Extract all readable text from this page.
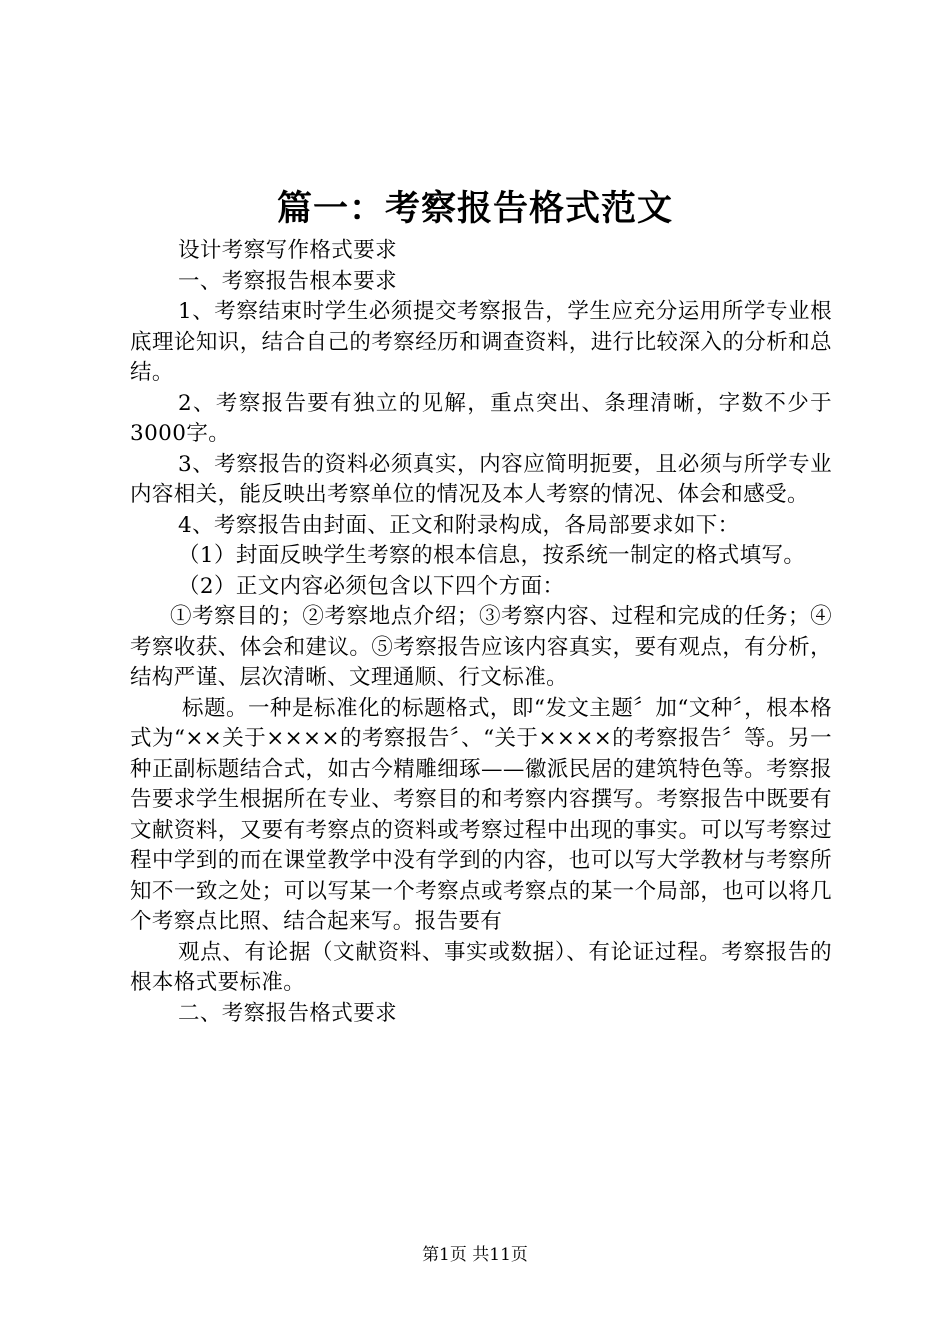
篇一：考察报告格式范文

设计考察写作格式要求

一、考察报告根本要求

1、考察结束时学生必须提交考察报告，学生应充分运用所学专业根底理论知识，结合自己的考察经历和调查资料，进行比较深入的分析和总结。

2、考察报告要有独立的见解，重点突出、条理清晰，字数不少于3000字。

3、考察报告的资料必须真实，内容应简明扼要，且必须与所学专业内容相关，能反映出考察单位的情况及本人考察的情况、体会和感受。

4、考察报告由封面、正文和附录构成，各局部要求如下：

（1）封面反映学生考察的根本信息，按系统一制定的格式填写。

（2）正文内容必须包含以下四个方面：

①考察目的；②考察地点介绍；③考察内容、过程和完成的任务；④考察收获、体会和建议。⑤考察报告应该内容真实，要有观点，有分析，结构严谨、层次清晰、文理通顺、行文标准。

标题。一种是标准化的标题格式，即“发文主题〞加“文种〞，根本格式为“××关于××××的考察报告〞、“关于××××的考察报告〞等。另一种正副标题结合式，如古今精雕细琢——徽派民居的建筑特色等。考察报告要求学生根据所在专业、考察目的和考察内容撰写。考察报告中既要有文献资料，又要有考察点的资料或考察过程中出现的事实。可以写考察过程中学到的而在课堂教学中没有学到的内容，也可以写大学教材与考察所知不一致之处；可以写某一个考察点或考察点的某一个局部，也可以将几个考察点比照、结合起来写。报告要有

观点、有论据（文献资料、事实或数据）、有论证过程。考察报告的根本格式要标准。

二、考察报告格式要求

第1页 共11页
